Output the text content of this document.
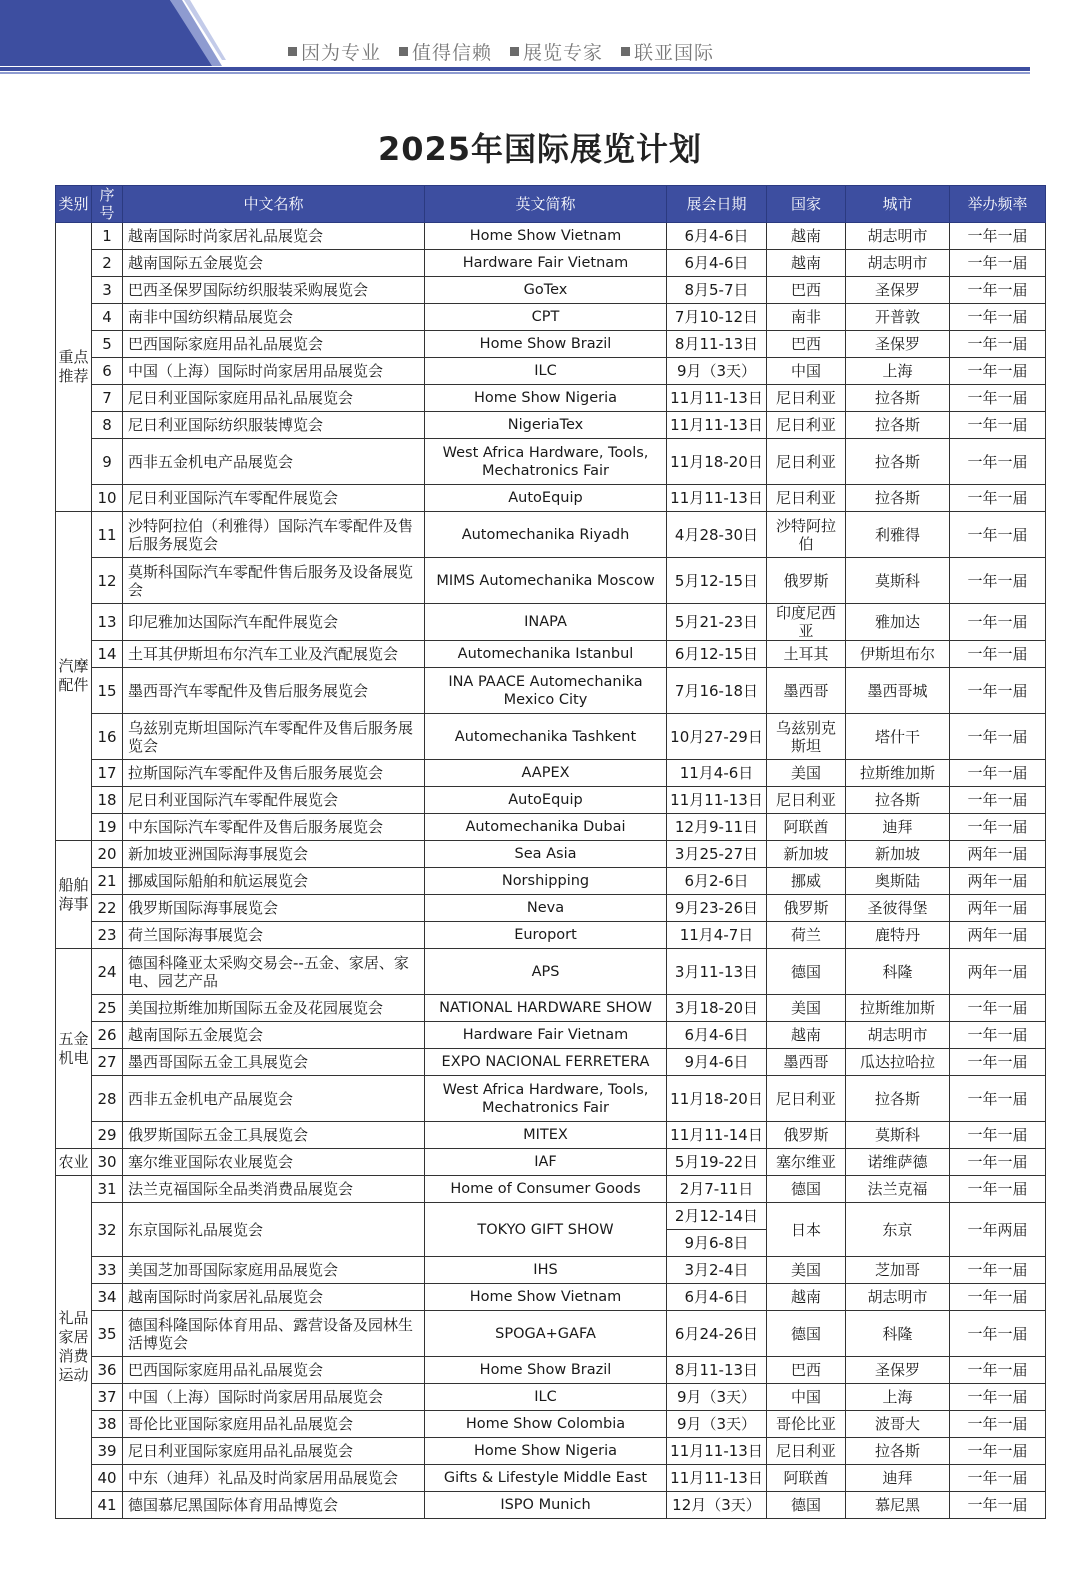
因为专业 值得信赖 展览专家 联亚国际
2025年国际展览计划
类别	序号	中文名称	英文简称	展会日期	国家	城市	举办频率
重点推荐	1	越南国际时尚家居礼品展览会	Home Show Vietnam	6月4-6日	越南	胡志明市	一年一届
	2	越南国际五金展览会	Hardware Fair Vietnam	6月4-6日	越南	胡志明市	一年一届
	3	巴西圣保罗国际纺织服装采购展览会	GoTex	8月5-7日	巴西	圣保罗	一年一届
	4	南非中国纺织精品展览会	CPT	7月10-12日	南非	开普敦	一年一届
	5	巴西国际家庭用品礼品展览会	Home Show Brazil	8月11-13日	巴西	圣保罗	一年一届
	6	中国（上海）国际时尚家居用品展览会	ILC	9月（3天）	中国	上海	一年一届
	7	尼日利亚国际家庭用品礼品展览会	Home Show Nigeria	11月11-13日	尼日利亚	拉各斯	一年一届
	8	尼日利亚国际纺织服装博览会	NigeriaTex	11月11-13日	尼日利亚	拉各斯	一年一届
	9	西非五金机电产品展览会	West Africa Hardware, Tools, Mechatronics Fair	11月18-20日	尼日利亚	拉各斯	一年一届
	10	尼日利亚国际汽车零配件展览会	AutoEquip	11月11-13日	尼日利亚	拉各斯	一年一届
汽摩配件	11	沙特阿拉伯（利雅得）国际汽车零配件及售后服务展览会	Automechanika Riyadh	4月28-30日	沙特阿拉伯	利雅得	一年一届
	12	莫斯科国际汽车零配件售后服务及设备展览会	MIMS Automechanika Moscow	5月12-15日	俄罗斯	莫斯科	一年一届
	13	印尼雅加达国际汽车配件展览会	INAPA	5月21-23日	印度尼西亚	雅加达	一年一届
	14	土耳其伊斯坦布尔汽车工业及汽配展览会	Automechanika Istanbul	6月12-15日	土耳其	伊斯坦布尔	一年一届
	15	墨西哥汽车零配件及售后服务展览会	INA PAACE Automechanika Mexico City	7月16-18日	墨西哥	墨西哥城	一年一届
	16	乌兹别克斯坦国际汽车零配件及售后服务展览会	Automechanika Tashkent	10月27-29日	乌兹别克斯坦	塔什干	一年一届
	17	拉斯国际汽车零配件及售后服务展览会	AAPEX	11月4-6日	美国	拉斯维加斯	一年一届
	18	尼日利亚国际汽车零配件展览会	AutoEquip	11月11-13日	尼日利亚	拉各斯	一年一届
	19	中东国际汽车零配件及售后服务展览会	Automechanika Dubai	12月9-11日	阿联酋	迪拜	一年一届
船舶海事	20	新加坡亚洲国际海事展览会	Sea Asia	3月25-27日	新加坡	新加坡	两年一届
	21	挪威国际船舶和航运展览会	Norshipping	6月2-6日	挪威	奥斯陆	两年一届
	22	俄罗斯国际海事展览会	Neva	9月23-26日	俄罗斯	圣彼得堡	两年一届
	23	荷兰国际海事展览会	Europort	11月4-7日	荷兰	鹿特丹	两年一届
五金机电	24	德国科隆亚太采购交易会--五金、家居、家电、园艺产品	APS	3月11-13日	德国	科隆	两年一届
	25	美国拉斯维加斯国际五金及花园展览会	NATIONAL HARDWARE SHOW	3月18-20日	美国	拉斯维加斯	一年一届
	26	越南国际五金展览会	Hardware Fair Vietnam	6月4-6日	越南	胡志明市	一年一届
	27	墨西哥国际五金工具展览会	EXPO NACIONAL FERRETERA	9月4-6日	墨西哥	瓜达拉哈拉	一年一届
	28	西非五金机电产品展览会	West Africa Hardware, Tools, Mechatronics Fair	11月18-20日	尼日利亚	拉各斯	一年一届
	29	俄罗斯国际五金工具展览会	MITEX	11月11-14日	俄罗斯	莫斯科	一年一届
农业	30	塞尔维亚国际农业展览会	IAF	5月19-22日	塞尔维亚	诺维萨德	一年一届
礼品家居消费运动	31	法兰克福国际全品类消费品展览会	Home of Consumer Goods	2月7-11日	德国	法兰克福	一年一届
	32	东京国际礼品展览会	TOKYO GIFT SHOW	2月12-14日	日本	东京	一年两届
				9月6-8日			
	33	美国芝加哥国际家庭用品展览会	IHS	3月2-4日	美国	芝加哥	一年一届
	34	越南国际时尚家居礼品展览会	Home Show Vietnam	6月4-6日	越南	胡志明市	一年一届
	35	德国科隆国际体育用品、露营设备及园林生活博览会	SPOGA+GAFA	6月24-26日	德国	科隆	一年一届
	36	巴西国际家庭用品礼品展览会	Home Show Brazil	8月11-13日	巴西	圣保罗	一年一届
	37	中国（上海）国际时尚家居用品展览会	ILC	9月（3天）	中国	上海	一年一届
	38	哥伦比亚国际家庭用品礼品展览会	Home Show Colombia	9月（3天）	哥伦比亚	波哥大	一年一届
	39	尼日利亚国际家庭用品礼品展览会	Home Show Nigeria	11月11-13日	尼日利亚	拉各斯	一年一届
	40	中东（迪拜）礼品及时尚家居用品展览会	Gifts & Lifestyle Middle East	11月11-13日	阿联酋	迪拜	一年一届
	41	德国慕尼黑国际体育用品博览会	ISPO Munich	12月（3天）	德国	慕尼黑	一年一届
